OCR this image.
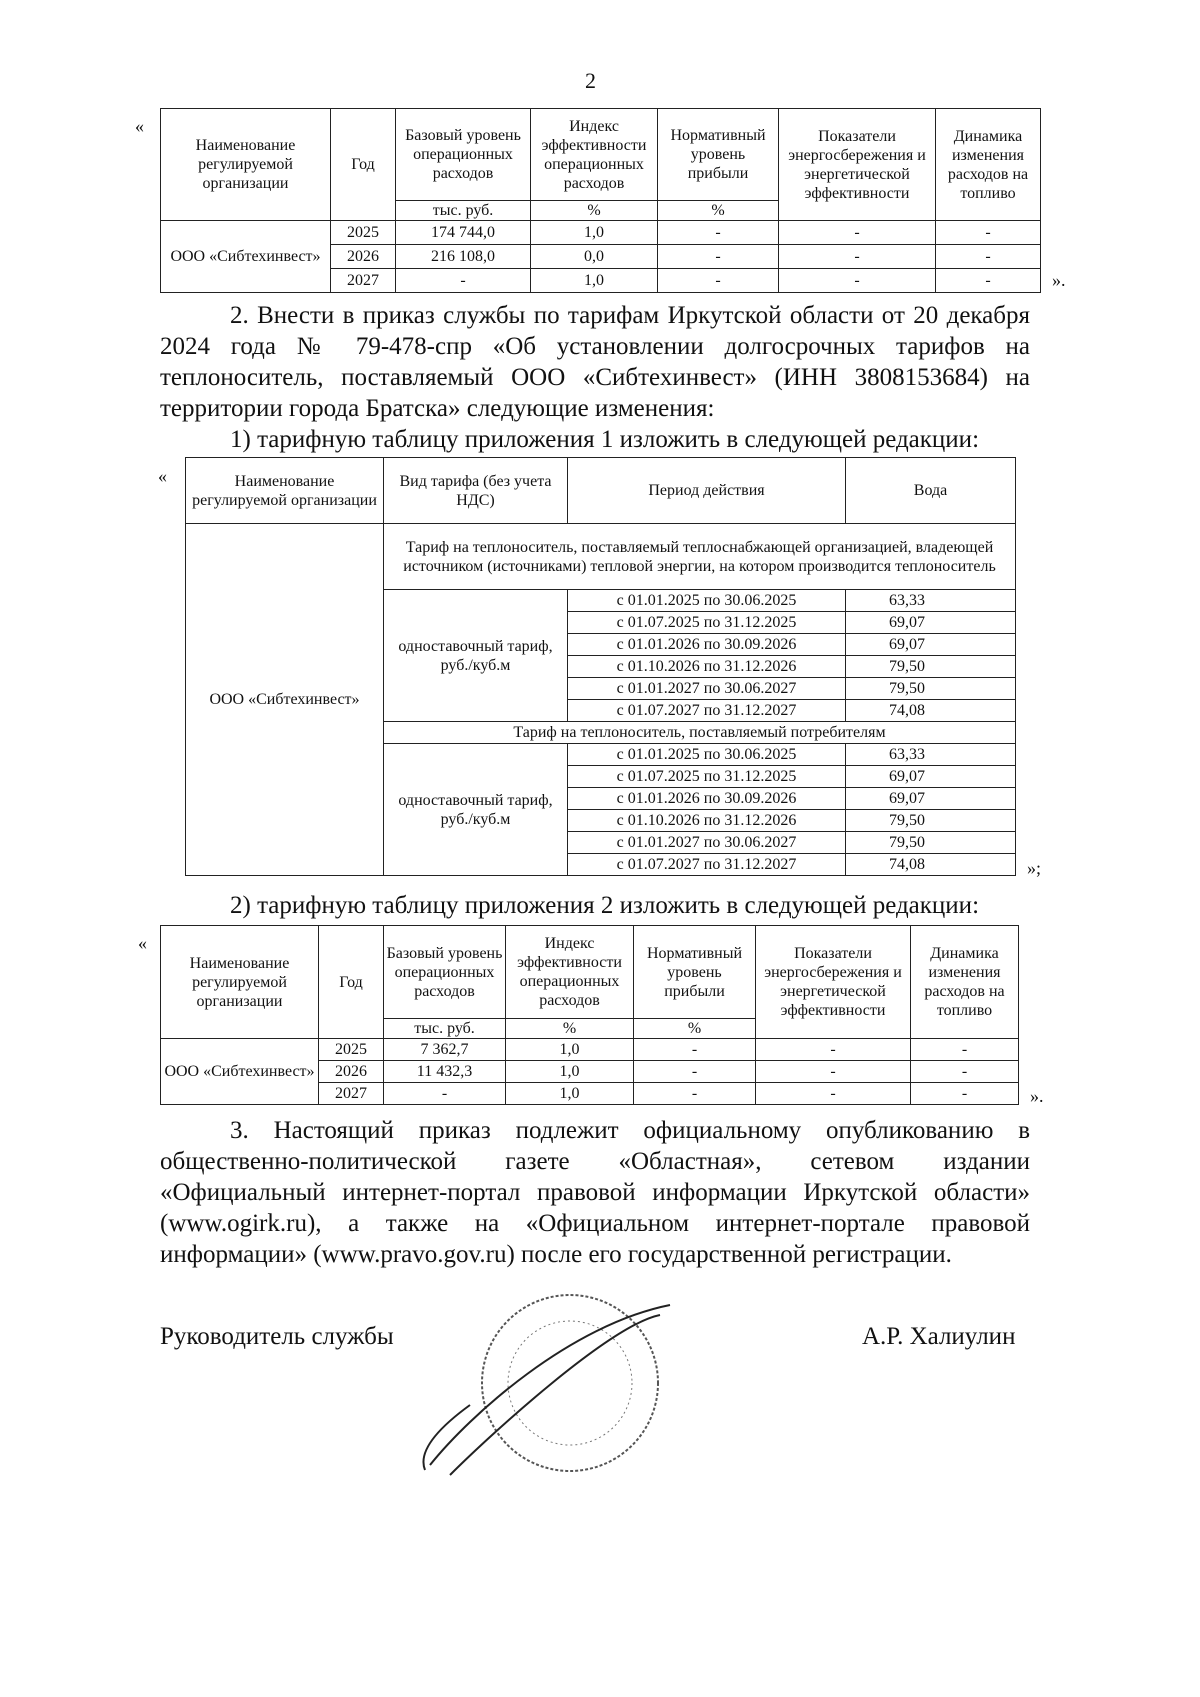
2
«
Наименование регулируемой организации	Год	Базовый уровень операционных расходов	Индекс эффективности операционных расходов	Нормативный уровень прибыли	Показатели энергосбережения и энергетической эффективности	Динамика изменения расходов на топливо
		тыс. руб.	%	%		
ООО «Сибтехинвест»	2025	174 744,0	1,0	-	-	-
	2026	216 108,0	0,0	-	-	-
	2027	-	1,0	-	-	-	».
2. Внести в приказ службы по тарифам Иркутской области от 20 декабря 2024 года № 79-478-спр «Об установлении долгосрочных тарифов на теплоноситель, поставляемый ООО «Сибтехинвест» (ИНН 3808153684) на территории города Братска» следующие изменения:
1) тарифную таблицу приложения 1 изложить в следующей редакции:
«	Наименование регулируемой организации	Вид тарифа (без учета НДС)	Период действия	Вода
ООО «Сибтехинвест»	Тариф на теплоноситель, поставляемый теплоснабжающей организацией, владеющей источником (источниками) тепловой энергии, на котором производится теплоноситель		
	одноставочный тариф, руб./куб.м	с 01.01.2025 по 30.06.2025	63,33
		с 01.07.2025 по 31.12.2025	69,07
		с 01.01.2026 по 30.09.2026	69,07
		с 01.10.2026 по 31.12.2026	79,50
		с 01.01.2027 по 30.06.2027	79,50
		с 01.07.2027 по 31.12.2027	74,08
	Тариф на теплоноситель, поставляемый потребителям		
	одноставочный тариф, руб./куб.м	с 01.01.2025 по 30.06.2025	63,33
		с 01.07.2025 по 31.12.2025	69,07
		с 01.01.2026 по 30.09.2026	69,07
		с 01.10.2026 по 31.12.2026	79,50
		с 01.01.2027 по 30.06.2027	79,50
		с 01.07.2027 по 31.12.2027	74,08	»;
2) тарифную таблицу приложения 2 изложить в следующей редакции:
«
Наименование регулируемой организации	Год	Базовый уровень операционных расходов	Индекс эффективности операционных расходов	Нормативный уровень прибыли	Показатели энергосбережения и энергетической эффективности	Динамика изменения расходов на топливо
		тыс. руб.	%	%		
ООО «Сибтехинвест»	2025	7 362,7	1,0	-	-	-
	2026	11 432,3	1,0	-	-	-
	2027	-	1,0	-	-	-	».
3. Настоящий приказ подлежит официальному опубликованию в общественно-политической газете «Областная», сетевом издании «Официальный интернет-портал правовой информации Иркутской области» (www.ogirk.ru), а также на «Официальном интернет-портале правовой информации» (www.pravo.gov.ru) после его государственной регистрации.
Руководитель службы	А.Р. Халиулин
